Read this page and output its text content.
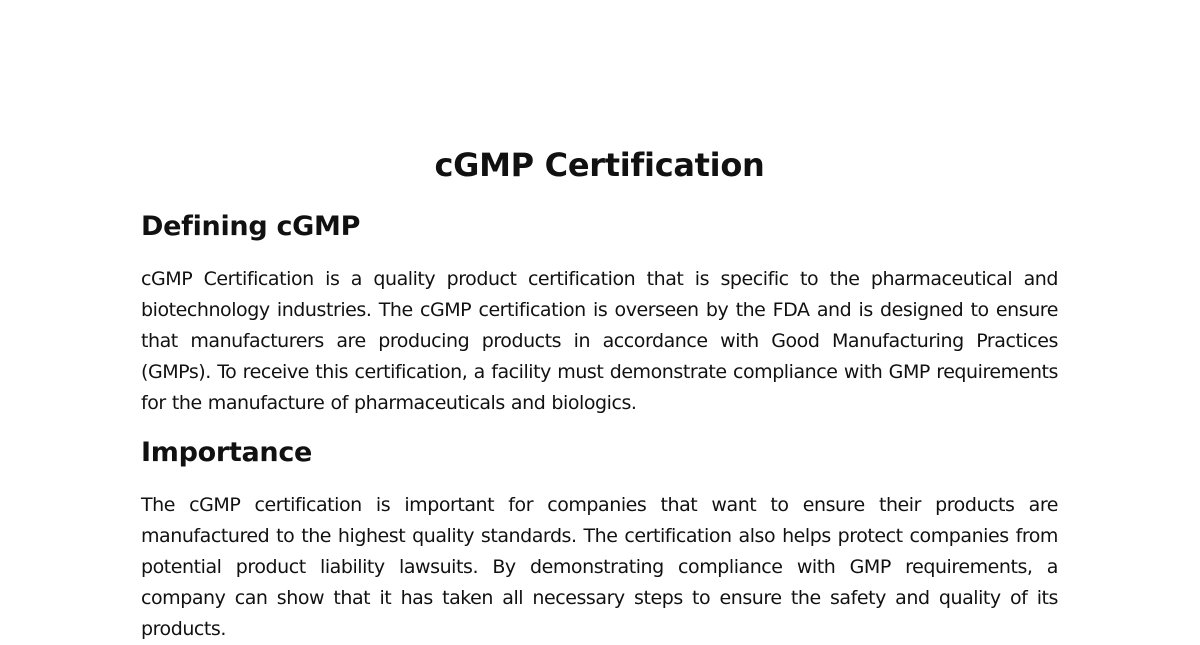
cGMP Certification
Defining cGMP

cGMP Certification is a quality product certification that is specific to the pharmaceutical and biotechnology industries. The cGMP certification is overseen by the FDA and is designed to ensure that manufacturers are producing products in accordance with Good Manufacturing Practices (GMPs). To receive this certification, a facility must demonstrate compliance with GMP requirements for the manufacture of pharmaceuticals and biologics.

Importance

The cGMP certification is important for companies that want to ensure their products are manufactured to the highest quality standards. The certification also helps protect companies from potential product liability lawsuits. By demonstrating compliance with GMP requirements, a company can show that it has taken all necessary steps to ensure the safety and quality of its products.
